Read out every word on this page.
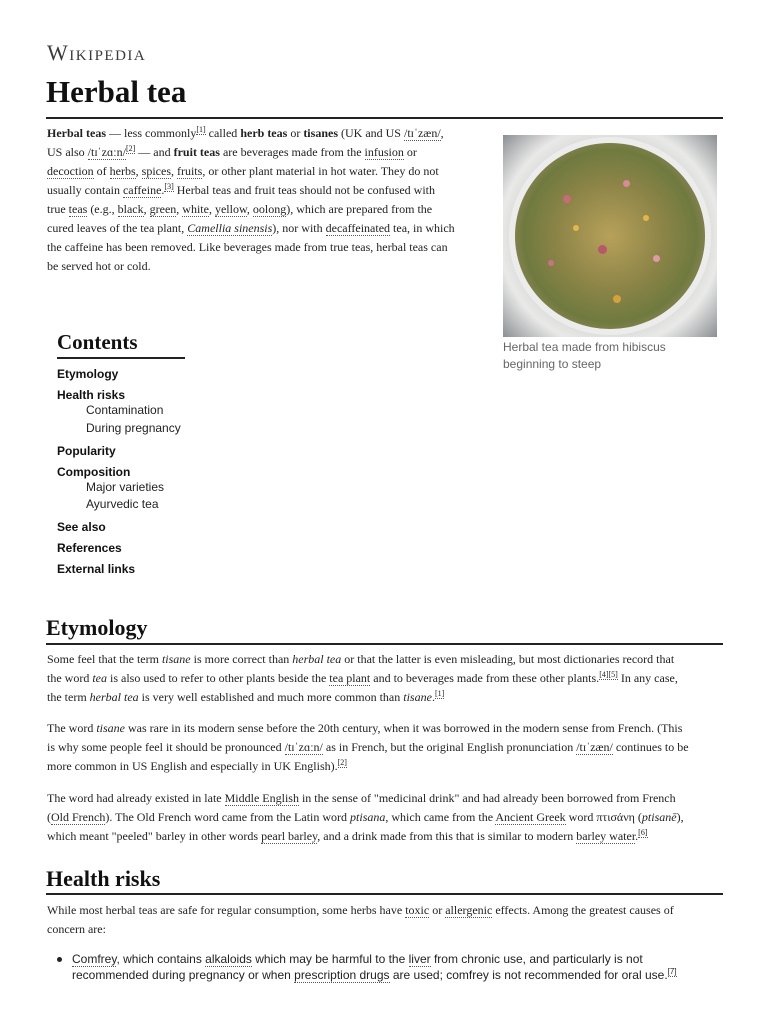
Wikipedia
Herbal tea

Herbal teas — less commonly[1] called herb teas or tisanes (UK and US /tɪˈzæn/,

US also /tɪˈzɑːn/[2] — and fruit teas are beverages made from the infusion or

decoction of herbs, spices, fruits, or other plant material in hot water. They do not

usually contain caffeine.[3] Herbal teas and fruit teas should not be confused with

true teas (e.g., black, green, white, yellow, oolong), which are prepared from the

cured leaves of the tea plant, Camellia sinensis), nor with decaffeinated tea, in which

the caffeine has been removed. Like beverages made from true teas, herbal teas can

be served hot or cold.

Herbal tea made from hibiscus
beginning to steep
Contents
Etymology
Health risks
Contamination
During pregnancy
Popularity
Composition
Major varieties
Ayurvedic tea
See also
References
External links
Etymology

Some feel that the term tisane is more correct than herbal tea or that the latter is even misleading, but most dictionaries record that

the word tea is also used to refer to other plants beside the tea plant and to beverages made from these other plants.[4][5] In any case,

the term herbal tea is very well established and much more common than tisane.[1]

The word tisane was rare in its modern sense before the 20th century, when it was borrowed in the modern sense from French. (This

is why some people feel it should be pronounced /tɪˈzɑːn/ as in French, but the original English pronunciation /tɪˈzæn/ continues to be

more common in US English and especially in UK English).[2]

The word had already existed in late Middle English in the sense of "medicinal drink" and had already been borrowed from French

(Old French). The Old French word came from the Latin word ptisana, which came from the Ancient Greek word πτισάνη (ptisanē),

which meant "peeled" barley in other words pearl barley, and a drink made from this that is similar to modern barley water.[6]

Health risks

While most herbal teas are safe for regular consumption, some herbs have toxic or allergenic effects. Among the greatest causes of

concern are:

Comfrey, which contains alkaloids which may be harmful to the liver from chronic use, and particularly is not
recommended during pregnancy or when prescription drugs are used; comfrey is not recommended for oral use.[7]
